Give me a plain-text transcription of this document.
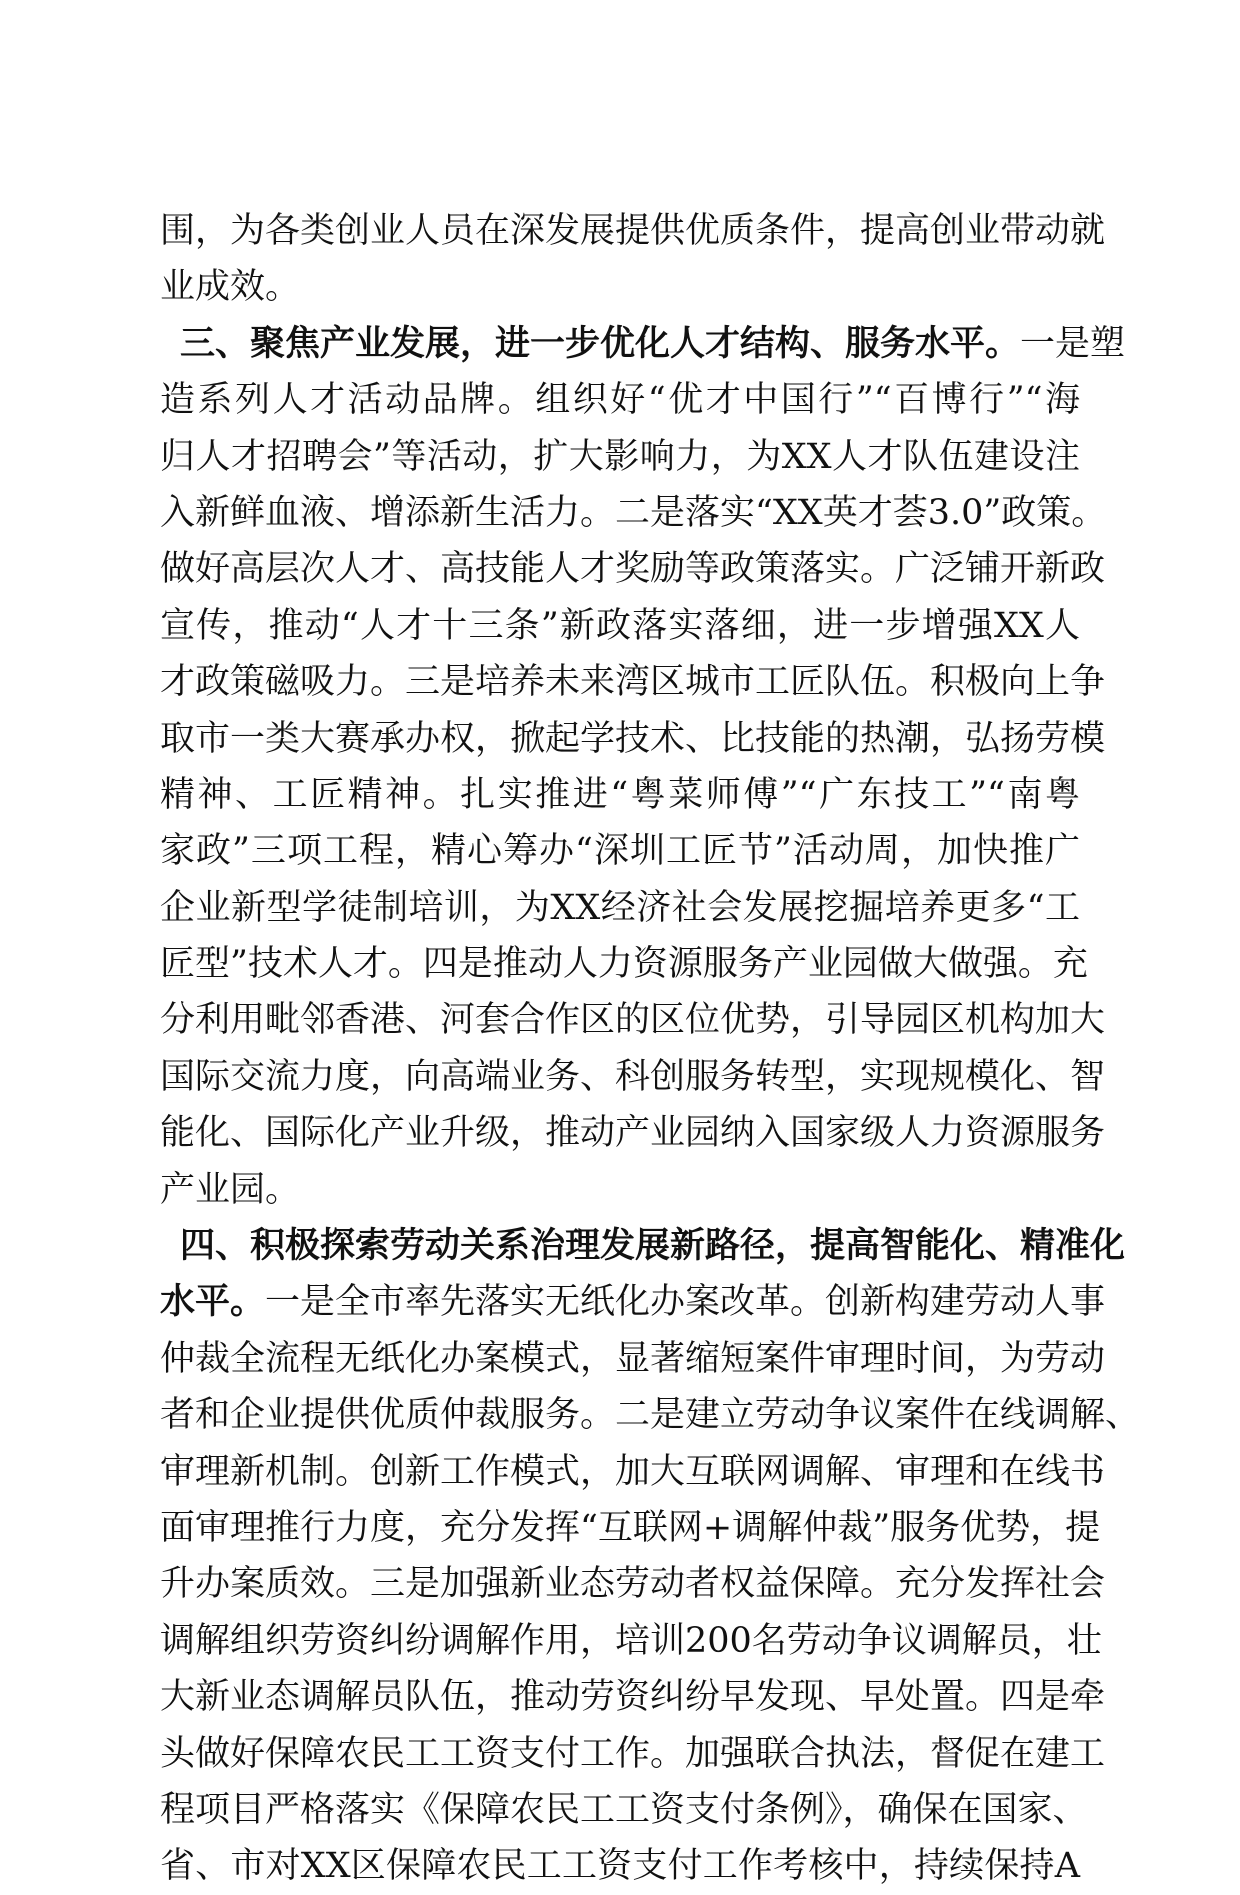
围，为各类创业人员在深发展提供优质条件，提高创业带动就
业成效。
三、聚焦产业发展，进一步优化人才结构、服务水平。一是塑
造系列人才活动品牌。组织好“优才中国行”“百博行”“海
归人才招聘会”等活动，扩大影响力，为XX人才队伍建设注
入新鲜血液、增添新生活力。二是落实“XX英才荟3.0”政策。
做好高层次人才、高技能人才奖励等政策落实。广泛铺开新政
宣传，推动“人才十三条”新政落实落细，进一步增强XX人
才政策磁吸力。三是培养未来湾区城市工匠队伍。积极向上争
取市一类大赛承办权，掀起学技术、比技能的热潮，弘扬劳模
精神、工匠精神。扎实推进“粤菜师傅”“广东技工”“南粤
家政”三项工程，精心筹办“深圳工匠节”活动周，加快推广
企业新型学徒制培训，为XX经济社会发展挖掘培养更多“工
匠型”技术人才。四是推动人力资源服务产业园做大做强。充
分利用毗邻香港、河套合作区的区位优势，引导园区机构加大
国际交流力度，向高端业务、科创服务转型，实现规模化、智
能化、国际化产业升级，推动产业园纳入国家级人力资源服务
产业园。
四、积极探索劳动关系治理发展新路径，提高智能化、精准化
水平。一是全市率先落实无纸化办案改革。创新构建劳动人事
仲裁全流程无纸化办案模式，显著缩短案件审理时间，为劳动
者和企业提供优质仲裁服务。二是建立劳动争议案件在线调解、
审理新机制。创新工作模式，加大互联网调解、审理和在线书
面审理推行力度，充分发挥“互联网+调解仲裁”服务优势，提
升办案质效。三是加强新业态劳动者权益保障。充分发挥社会
调解组织劳资纠纷调解作用，培训200名劳动争议调解员，壮
大新业态调解员队伍，推动劳资纠纷早发现、早处置。四是牵
头做好保障农民工工资支付工作。加强联合执法，督促在建工
程项目严格落实《保障农民工工资支付条例》，确保在国家、
省、市对XX区保障农民工工资支付工作考核中，持续保持A
